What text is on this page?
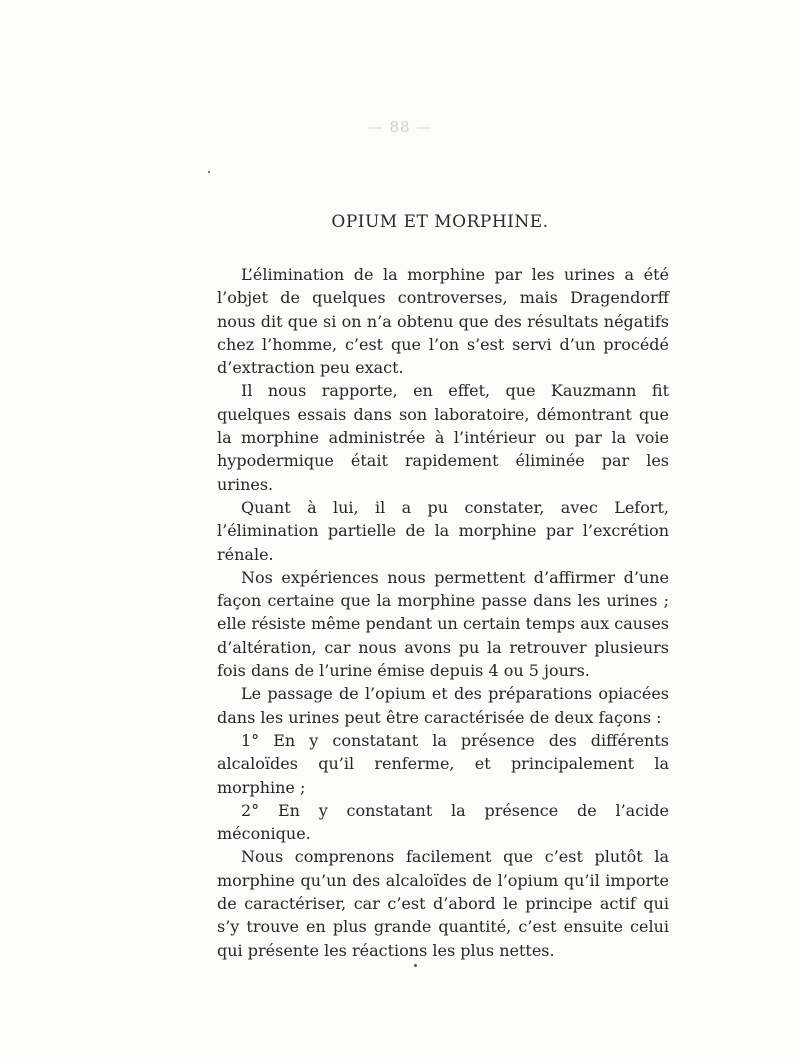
— 88 —
OPIUM ET MORPHINE.

L’élimination de la morphine par les urines a été l’objet de quelques controverses, mais Dragendorff nous dit que si on n’a obtenu que des résultats négatifs chez l’homme, c’est que l’on s’est servi d’un procédé d’extraction peu exact.

Il nous rapporte, en effet, que Kauzmann fit quelques essais dans son laboratoire, démontrant que la morphine administrée à l’intérieur ou par la voie hypodermique était rapidement éliminée par les urines.

Quant à lui, il a pu constater, avec Lefort, l’élimination partielle de la morphine par l’excrétion rénale.

Nos expériences nous permettent d’affirmer d’une façon certaine que la morphine passe dans les urines ; elle résiste même pendant un certain temps aux causes d’altération, car nous avons pu la retrouver plusieurs fois dans de l’urine émise depuis 4 ou 5 jours.

Le passage de l’opium et des préparations opiacées dans les urines peut être caractérisée de deux façons :

1° En y constatant la présence des différents alcaloïdes qu’il renferme, et principalement la morphine ;

2° En y constatant la présence de l’acide méconique.

Nous comprenons facilement que c’est plutôt la morphine qu’un des alcaloïdes de l’opium qu’il importe de caractériser, car c’est d’abord le principe actif qui s’y trouve en plus grande quantité, c’est ensuite celui qui présente les réactions les plus nettes.
